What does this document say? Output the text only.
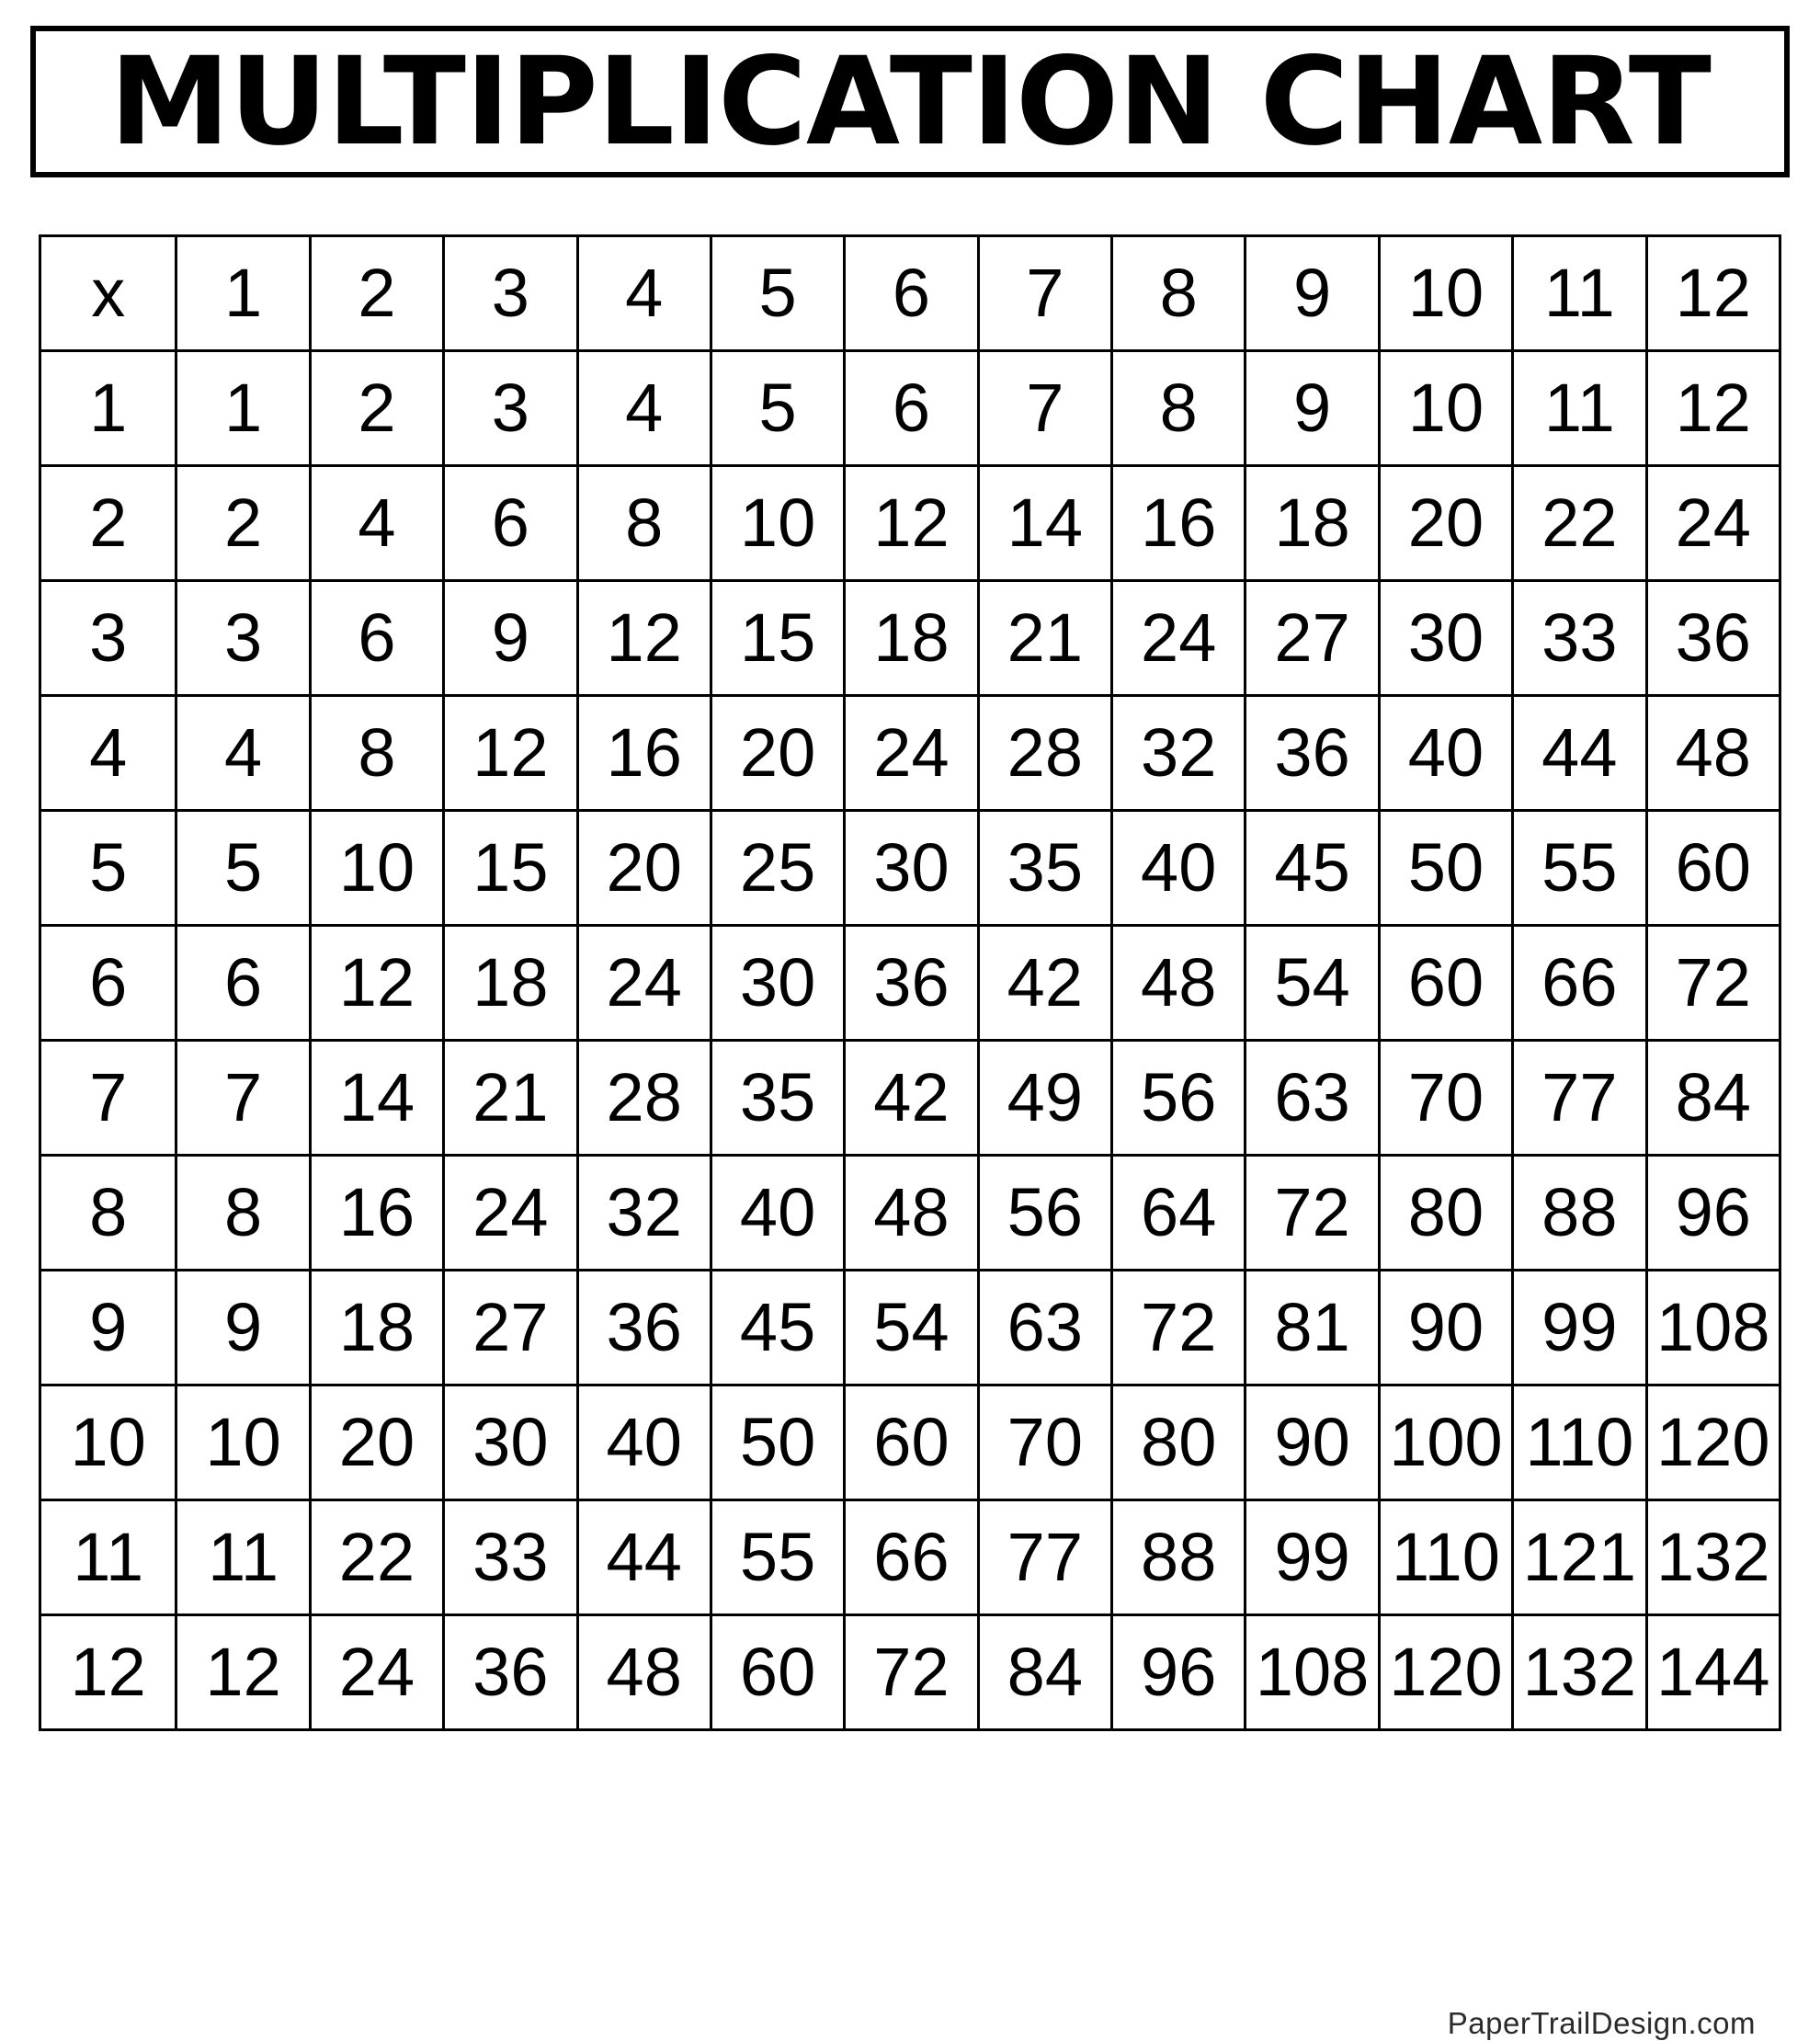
MULTIPLICATION CHART
x	1	2	3	4	5	6	7	8	9	10	11	12
1	1	2	3	4	5	6	7	8	9	10	11	12
2	2	4	6	8	10	12	14	16	18	20	22	24
3	3	6	9	12	15	18	21	24	27	30	33	36
4	4	8	12	16	20	24	28	32	36	40	44	48
5	5	10	15	20	25	30	35	40	45	50	55	60
6	6	12	18	24	30	36	42	48	54	60	66	72
7	7	14	21	28	35	42	49	56	63	70	77	84
8	8	16	24	32	40	48	56	64	72	80	88	96
9	9	18	27	36	45	54	63	72	81	90	99	108
10	10	20	30	40	50	60	70	80	90	100	110	120
11	11	22	33	44	55	66	77	88	99	110	121	132
12	12	24	36	48	60	72	84	96	108	120	132	144
PaperTrailDesign.com
